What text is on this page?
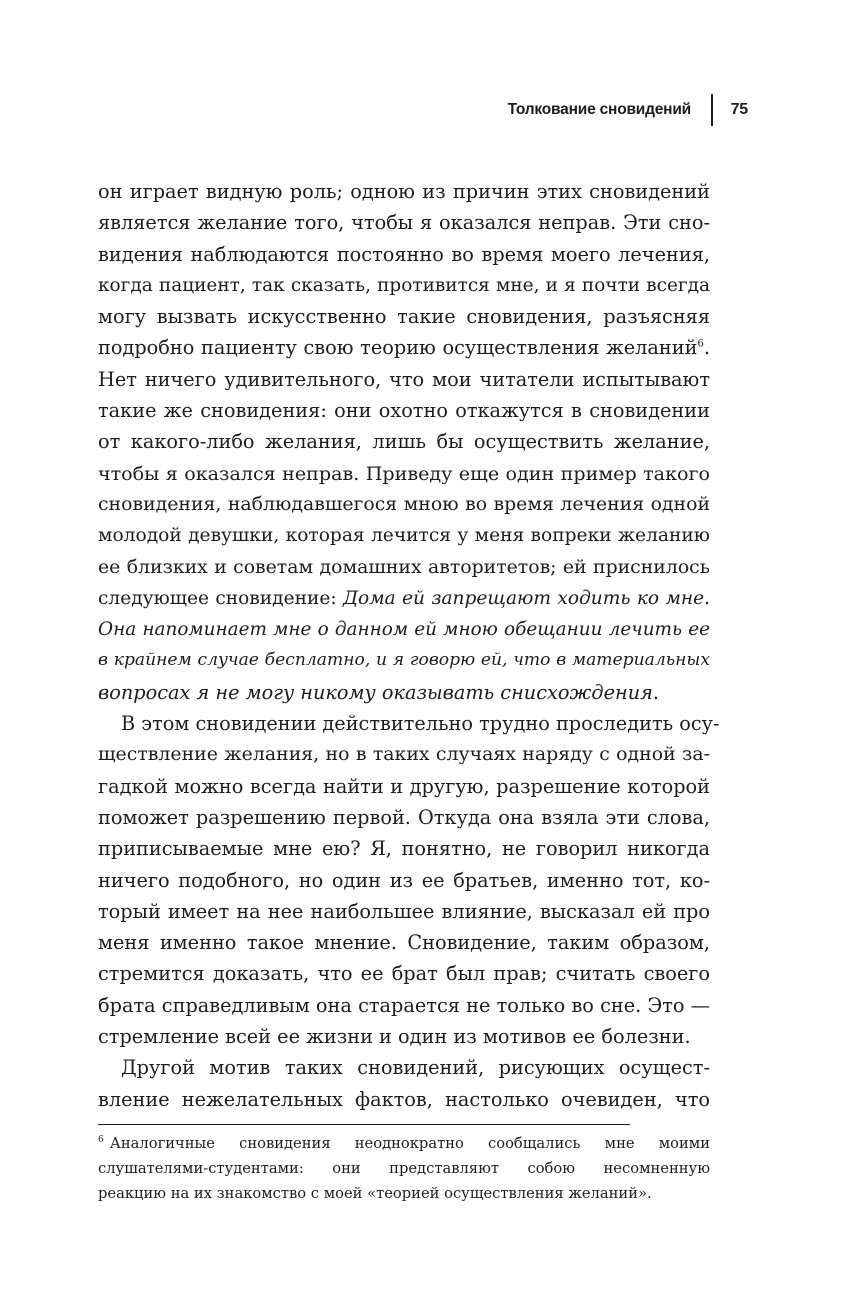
Толкование сновидений 75
он играет видную роль; одною из причин этих сновидений
является желание того, чтобы я оказался неправ. Эти сно-
видения наблюдаются постоянно во время моего лечения,
когда пациент, так сказать, противится мне, и я почти всегда
могу вызвать искусственно такие сновидения, разъясняя
подробно пациенту свою теорию осуществления желаний$^6$.
Нет ничего удивительного, что мои читатели испытывают
такие же сновидения: они охотно откажутся в сновидении
от какого-либо желания, лишь бы осуществить желание,
чтобы я оказался неправ. Приведу еще один пример такого
сновидения, наблюдавшегося мною во время лечения одной
молодой девушки, которая лечится у меня вопреки желанию
ее близких и советам домашних авторитетов; ей приснилось
следующее сновидение: Дома ей запрещают ходить ко мне.
Она напоминает мне о данном ей мною обещании лечить ее
в крайнем случае бесплатно, и я говорю ей, что в материальных
вопросах я не могу никому оказывать снисхождения.
В этом сновидении действительно трудно проследить осу-
ществление желания, но в таких случаях наряду с одной за-
гадкой можно всегда найти и другую, разрешение которой
поможет разрешению первой. Откуда она взяла эти слова,
приписываемые мне ею? Я, понятно, не говорил никогда
ничего подобного, но один из ее братьев, именно тот, ко-
торый имеет на нее наибольшее влияние, высказал ей про
меня именно такое мнение. Сновидение, таким образом,
стремится доказать, что ее брат был прав; считать своего
брата справедливым она старается не только во сне. Это —
стремление всей ее жизни и один из мотивов ее болезни.
Другой мотив таких сновидений, рисующих осущест-
вление нежелательных фактов, настолько очевиден, что
$^6$ Аналогичные сновидения неоднократно сообщались мне моими
слушателями-студентами: они представляют собою несомненную
реакцию на их знакомство с моей «теорией осуществления желаний».
